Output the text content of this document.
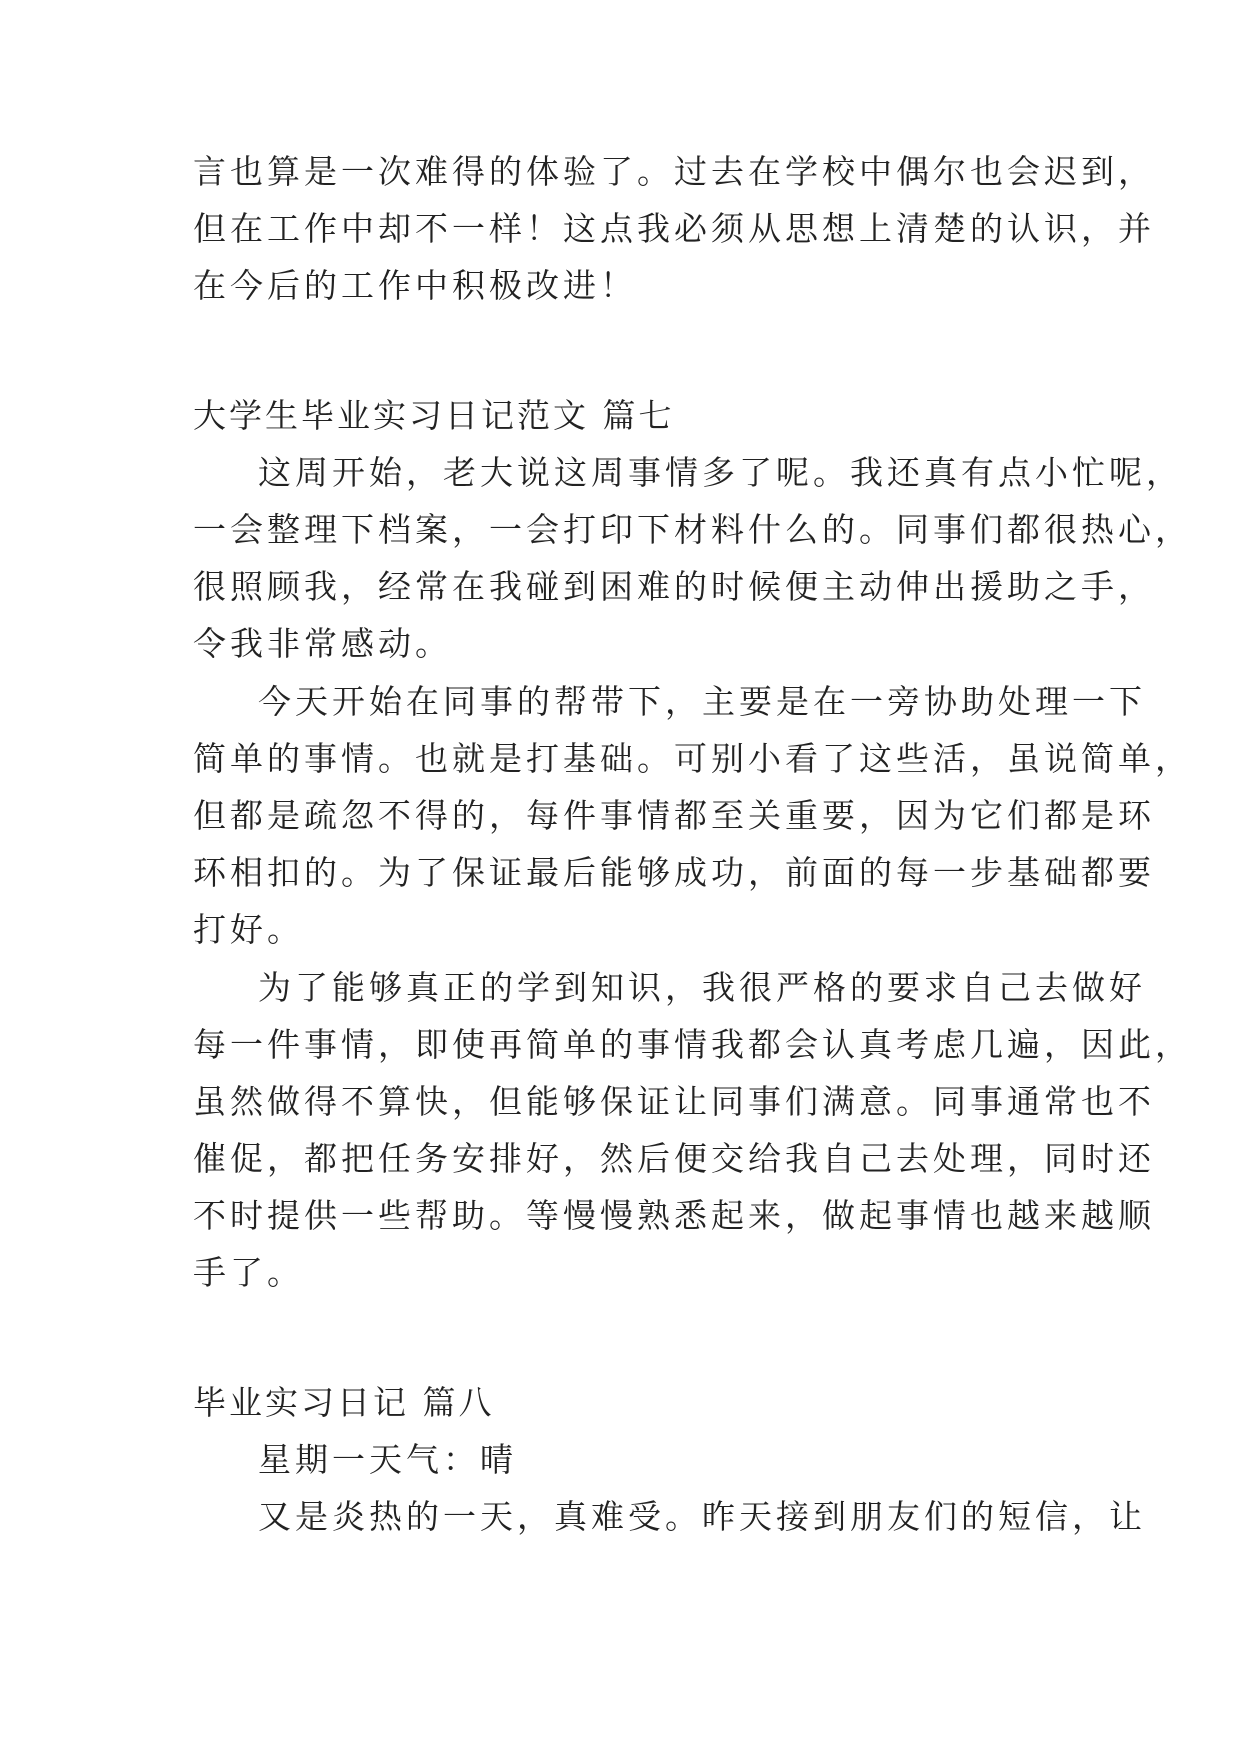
言也算是一次难得的体验了。过去在学校中偶尔也会迟到，
但在工作中却不一样！这点我必须从思想上清楚的认识，并
在今后的工作中积极改进！
大学生毕业实习日记范文 篇七
这周开始，老大说这周事情多了呢。我还真有点小忙呢，
一会整理下档案，一会打印下材料什么的。同事们都很热心，
很照顾我，经常在我碰到困难的时候便主动伸出援助之手，
令我非常感动。
今天开始在同事的帮带下，主要是在一旁协助处理一下
简单的事情。也就是打基础。可别小看了这些活，虽说简单，
但都是疏忽不得的，每件事情都至关重要，因为它们都是环
环相扣的。为了保证最后能够成功，前面的每一步基础都要
打好。
为了能够真正的学到知识，我很严格的要求自己去做好
每一件事情，即使再简单的事情我都会认真考虑几遍，因此，
虽然做得不算快，但能够保证让同事们满意。同事通常也不
催促，都把任务安排好，然后便交给我自己去处理，同时还
不时提供一些帮助。等慢慢熟悉起来，做起事情也越来越顺
手了。
毕业实习日记 篇八
星期一天气：晴
又是炎热的一天，真难受。昨天接到朋友们的短信，让
